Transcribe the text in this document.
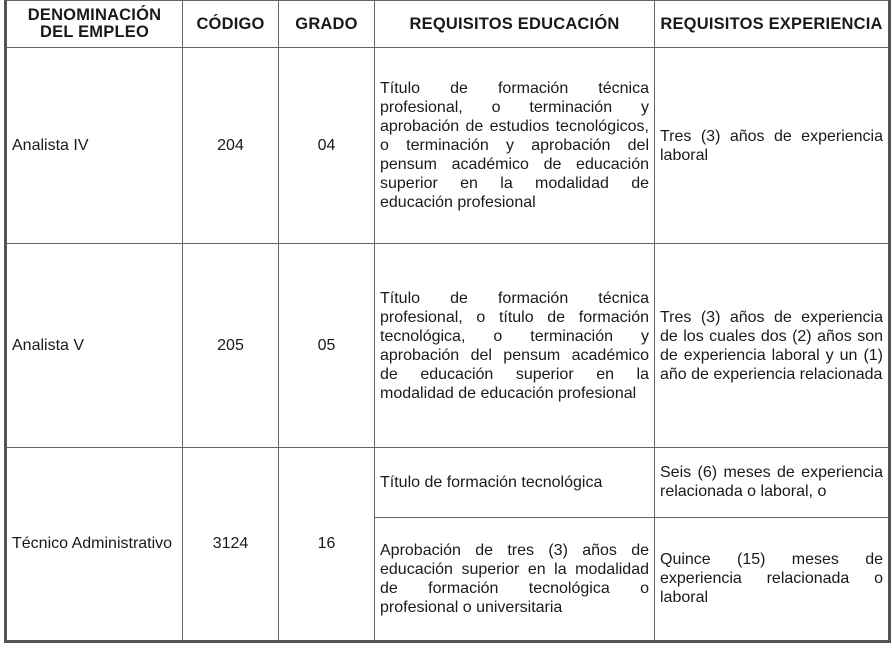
DENOMINACIÓN DEL EMPLEO	CÓDIGO	GRADO	REQUISITOS EDUCACIÓN	REQUISITOS EXPERIENCIA
Analista IV	204	04	Título de formación técnica profesional, o terminación y aprobación de estudios tecnológicos, o terminación y aprobación del pensum académico de educación superior en la modalidad de educación profesional	Tres (3) años de experiencia laboral
Analista V	205	05	Título de formación técnica profesional, o título de formación tecnológica, o terminación y aprobación del pensum académico de educación superior en la modalidad de educación profesional	Tres (3) años de experiencia de los cuales dos (2) años son de experiencia laboral y un (1) año de experiencia relacionada
Técnico Administrativo	3124	16	Título de formación tecnológica	Seis (6) meses de experiencia relacionada o laboral, o
			Aprobación de tres (3) años de educación superior en la modalidad de formación tecnológica o profesional o universitaria	Quince (15) meses de experiencia relacionada o laboral
